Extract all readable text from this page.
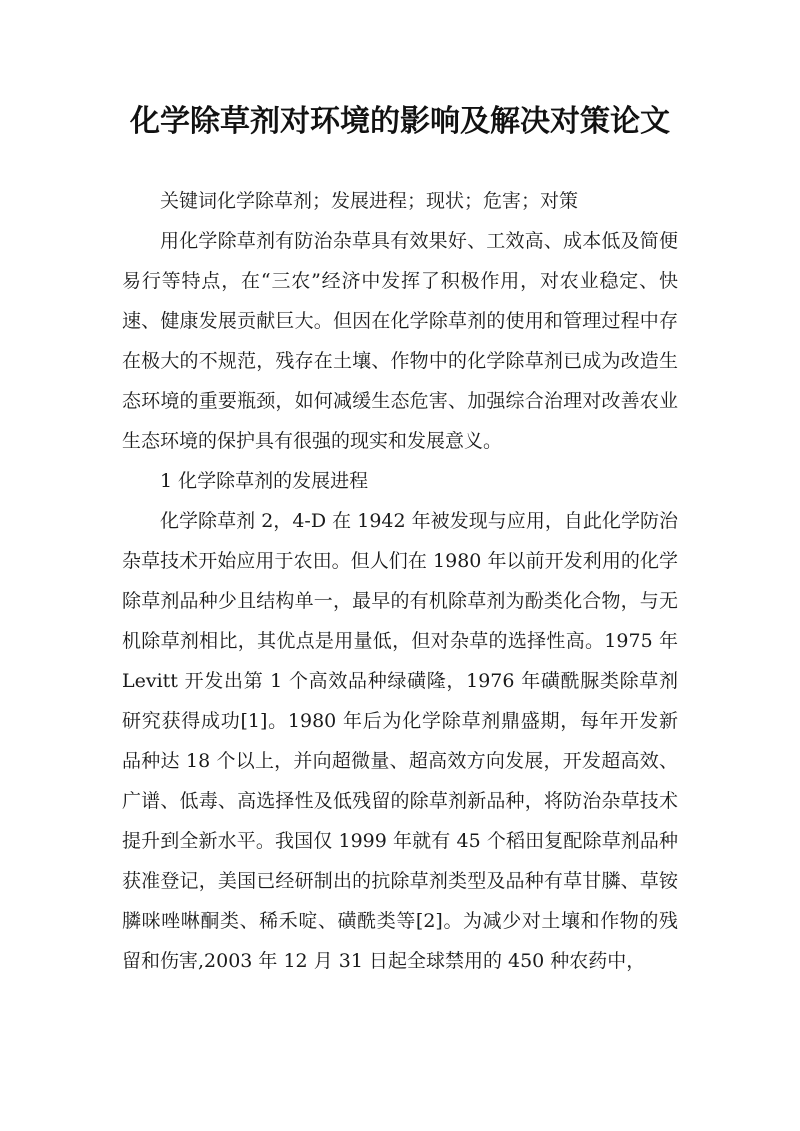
化学除草剂对环境的影响及解决对策论文

关键词化学除草剂；发展进程；现状；危害；对策

用化学除草剂有防治杂草具有效果好、工效高、成本低及简便易行等特点，在“三农”经济中发挥了积极作用，对农业稳定、快速、健康发展贡献巨大。但因在化学除草剂的使用和管理过程中存在极大的不规范，残存在土壤、作物中的化学除草剂已成为改造生态环境的重要瓶颈，如何减缓生态危害、加强综合治理对改善农业生态环境的保护具有很强的现实和发展意义。

1 化学除草剂的发展进程

化学除草剂 2，4-D 在 1942 年被发现与应用，自此化学防治杂草技术开始应用于农田。但人们在 1980 年以前开发利用的化学除草剂品种少且结构单一，最早的有机除草剂为酚类化合物，与无机除草剂相比，其优点是用量低，但对杂草的选择性高。1975 年 Levitt 开发出第 1 个高效品种绿磺隆，1976 年磺酰脲类除草剂研究获得成功[1]。1980 年后为化学除草剂鼎盛期，每年开发新品种达 18 个以上，并向超微量、超高效方向发展，开发超高效、广谱、低毒、高选择性及低残留的除草剂新品种，将防治杂草技术提升到全新水平。我国仅 1999 年就有 45 个稻田复配除草剂品种获准登记，美国已经研制出的抗除草剂类型及品种有草甘膦、草铵膦咪唑啉酮类、稀禾啶、磺酰类等[2]。为减少对土壤和作物的残留和伤害,2003 年 12 月 31 日起全球禁用的 450 种农药中，
